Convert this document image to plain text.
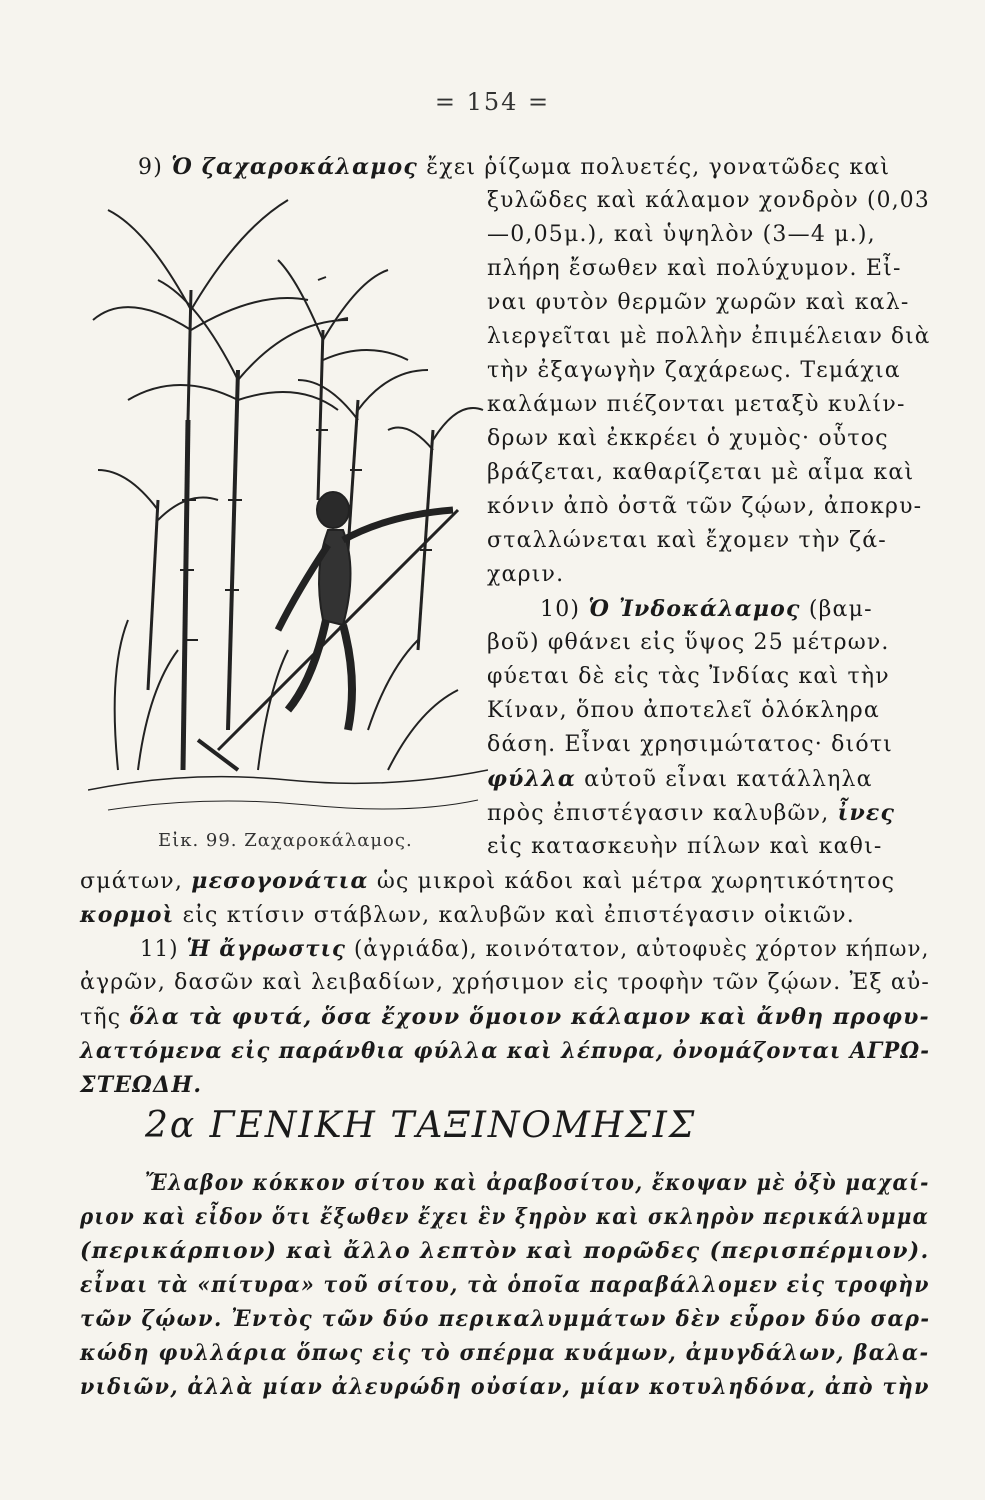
= 154 =
Εἰκ. 99. Ζαχαροκάλαμος.
9) Ὁ ζαχαροκάλαμος ἔχει ῥίζωμα πολυετές, γονατῶδες καὶ
ξυλῶδες καὶ κάλαμον χονδρὸν (0,03
—0,05μ.), καὶ ὑψηλὸν (3—4 μ.),
πλήρη ἔσωθεν καὶ πολύχυμον. Εἶ-
ναι φυτὸν θερμῶν χωρῶν καὶ καλ-
λιεργεῖται μὲ πολλὴν ἐπιμέλειαν διὰ
τὴν ἐξαγωγὴν ζαχάρεως. Τεμάχια
καλάμων πιέζονται μεταξὺ κυλίν-
δρων καὶ ἐκκρέει ὁ χυμὸς· οὗτος
βράζεται, καθαρίζεται μὲ αἷμα καὶ
κόνιν ἀπὸ ὀστᾶ τῶν ζῴων, ἀποκρυ-
σταλλώνεται καὶ ἔχομεν τὴν ζά-
χαριν.
10) Ὁ Ἰνδοκάλαμος (βαμ-
βοῦ) φθάνει εἰς ὕψος 25 μέτρων.
φύεται δὲ εἰς τὰς Ἰνδίας καὶ τὴν
Κίναν, ὅπου ἀποτελεῖ ὁλόκληρα
δάση. Εἶναι χρησιμώτατος· διότι
φύλλα αὐτοῦ εἶναι κατάλληλα
πρὸς ἐπιστέγασιν καλυβῶν, ἶνες
εἰς κατασκευὴν πίλων καὶ καθι-
σμάτων, μεσογονάτια ὡς μικροὶ κάδοι καὶ μέτρα χωρητικότητος
κορμοὶ εἰς κτίσιν στάβλων, καλυβῶν καὶ ἐπιστέγασιν οἰκιῶν.
11) Ἡ ἄγρωστις (ἀγριάδα), κοινότατον, αὐτοφυὲς χόρτον κήπων,
ἀγρῶν, δασῶν καὶ λειβαδίων, χρήσιμον εἰς τροφὴν τῶν ζῴων. Ἐξ αὐ-
τῆς ὅλα τὰ φυτά, ὅσα ἔχουν ὅμοιον κάλαμον καὶ ἄνθη προφυ-
λαττόμενα εἰς παράνθια φύλλα καὶ λέπυρα, ὀνομάζονται ΑΓΡΩ-
ΣΤΕΩΔΗ.
2α ΓΕΝΙΚΗ ΤΑΞΙΝΟΜΗΣΙΣ
Ἔλαβον κόκκον σίτου καὶ ἀραβοσίτου, ἔκοψαν μὲ ὀξὺ μαχαί-
ριον καὶ εἶδον ὅτι ἔξωθεν ἔχει ἓν ξηρὸν καὶ σκληρὸν περικάλυμμα
(περικάρπιον) καὶ ἄλλο λεπτὸν καὶ πορῶδες (περισπέρμιον).
εἶναι τὰ «πίτυρα» τοῦ σίτου, τὰ ὁποῖα παραβάλλομεν εἰς τροφὴν
τῶν ζῴων. Ἐντὸς τῶν δύο περικαλυμμάτων δὲν εὗρον δύο σαρ-
κώδη φυλλάρια ὅπως εἰς τὸ σπέρμα κυάμων, ἀμυγδάλων, βαλα-
νιδιῶν, ἀλλὰ μίαν ἀλευρώδη οὐσίαν, μίαν κοτυληδόνα, ἀπὸ τὴν
